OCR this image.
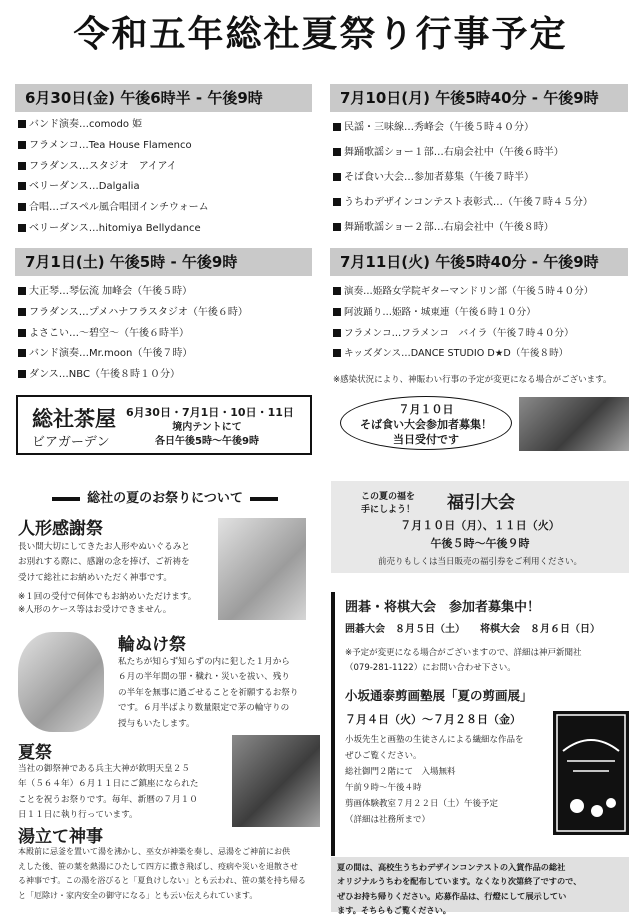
令和五年総社夏祭り行事予定
6月30日(金) 午後6時半 - 午後9時
バンド演奏…comodo 姫
フラメンコ…Tea House Flamenco
フラダンス…スタジオ　アイアイ
ベリーダンス…Dalgalia
合唱…ゴスペル風合唱団インチウォーム
ベリーダンス…hitomiya Bellydance
7月10日(月) 午後5時40分 - 午後9時
民謡・三味線…秀峰会（午後５時４０分）
舞踊歌謡ショー１部…右扇会社中（午後６時半）
そば食い大会…参加者募集（午後７時半）
うちわデザインコンテスト表彰式…（午後７時４５分）
舞踊歌謡ショー２部…右扇会社中（午後８時）
7月1日(土) 午後5時 - 午後9時
大正琴…琴伝流 加峰会（午後５時）
フラダンス…プメハナフラスタジオ（午後６時）
よさこい…～碧空～（午後６時半）
バンド演奏…Mr.moon（午後７時）
ダンス…NBC（午後８時１０分）
7月11日(火) 午後5時40分 - 午後9時
演奏…姫路女学院ギターマンドリン部（午後５時４０分）
阿波踊り…姫路・城東連（午後６時１０分）
フラメンコ…フラメンコ　バイラ（午後７時４０分）
キッズダンス…DANCE STUDIO D★D（午後８時）
※感染状況により、神賑わい行事の予定が変更になる場合がございます。
総社茶屋
ビアガーデン
6月30日・7月1日・10日・11日
境内テントにて
各日午後5時～午後9時
７月１０日
そば食い大会参加者募集！
当日受付です
総社の夏のお祭りについて
人形感謝祭
長い間大切にしてきたお人形やぬいぐるみと
お別れする際に、感謝の念を捧げ、ご祈祷を
受けて総社にお納めいただく神事です。
※１回の受付で何体でもお納めいただけます。
※人形のケース等はお受けできません。
輪ぬけ祭
私たちが知らず知らずの内に犯した１月から
６月の半年間の罪・穢れ・災いを祓い、残り
の半年を無事に過ごせることを祈願するお祭り
です。６月半ばより数量限定で茅の輪守りの
授与もいたします。
夏祭
当社の御祭神である兵主大神が欽明天皇２５
年（５６４年）６月１１日にご鎮座になられた
ことを祝うお祭りです。毎年、新暦の７月１０
日１１日に執り行っています。
湯立て神事
本殿前に忌釜を置いて湯を沸かし、巫女が神楽を奏し、忌湯をご神前にお供
えした後、笹の葉を熱湯にひたして四方に撒き飛ばし、疫病や災いを退散させ
る神事です。この湯を浴びると「夏負けしない」とも云われ、笹の葉を持ち帰る
と「厄除け・家内安全の御守になる」とも云い伝えられています。
この夏の福を
手にしよう！ 福引大会
７月１０日（月）、１１日（火）
午後５時～午後９時
前売りもしくは当日販売の福引券をご利用ください。
囲碁・将棋大会　参加者募集中！
囲碁大会　８月５日（土）　　将棋大会　８月６日（日）
※予定が変更になる場合がございますので、詳細は神戸新聞社
（079-281-1122）にお問い合わせ下さい。
小坂通泰剪画塾展「夏の剪画展」
７月４日（火）～７月２８日（金）
小坂先生と画塾の生徒さんによる繊細な作品を
ぜひご覧ください。
総社御門２階にて　入場無料
午前９時～午後４時
剪画体験教室７月２２日（土）午後予定
（詳細は社務所まで）
夏の間は、高校生うちわデザインコンテストの入賞作品の総社
オリジナルうちわを配布しています。なくなり次第終了ですので、
ぜひお持ち帰りください。応募作品は、行燈にして展示してい
ます。そちらもご覧ください。
